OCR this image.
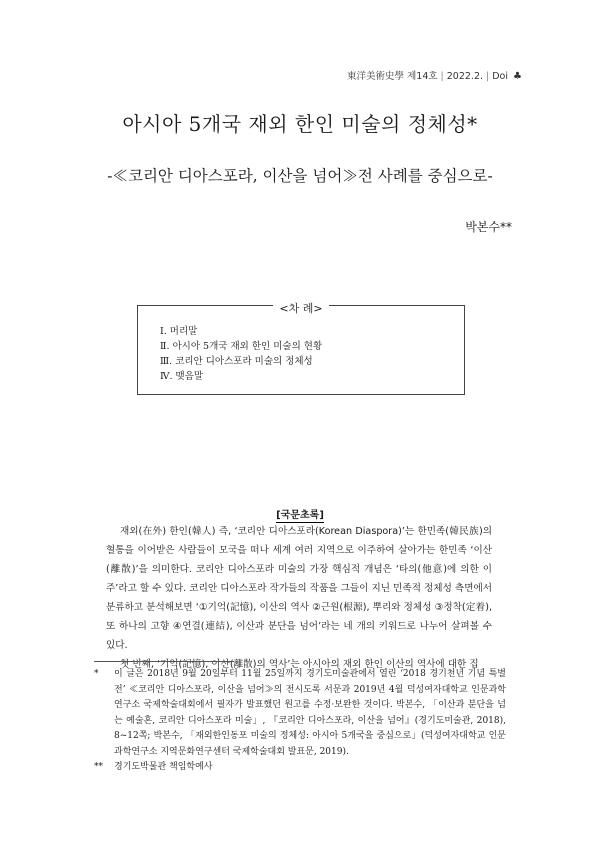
東洋美術史學 제14호 | 2022.2. | Doi ♣
아시아 5개국 재외 한인 미술의 정체성*
-≪코리안 디아스포라, 이산을 넘어≫전 사례를 중심으로-
박본수**
<차 례>
Ⅰ. 머리말
Ⅱ. 아시아 5개국 재외 한인 미술의 현황
Ⅲ. 코리안 디아스포라 미술의 정체성
Ⅳ. 맺음말
[국문초록]

재외(在外) 한인(韓人) 즉, ‘코리안 디아스포라(Korean Diaspora)’는 한민족(韓民族)의 혈통을 이어받은 사람들이 모국을 떠나 세계 여러 지역으로 이주하여 살아가는 한민족 ‘이산(離散)’을 의미한다. 코리안 디아스포라 미술의 가장 핵심적 개념은 ‘타의(他意)에 의한 이주’라고 할 수 있다. 코리안 디아스포라 작가들의 작품을 그들이 지닌 민족적 정체성 측면에서 분류하고 분석해보면 ‘①기억(記憶), 이산의 역사 ②근원(根源), 뿌리와 정체성 ③정착(定着), 또 하나의 고향 ④연결(連結), 이산과 분단을 넘어’라는 네 개의 키워드로 나누어 살펴볼 수 있다.

첫 번째, ‘기억(記憶), 이산(離散)의 역사’는 아시아의 재외 한인 이산의 역사에 대한 집

*	이 글은 2018년 9월 20일부터 11월 25일까지 경기도미술관에서 열린 ‘2018 경기천년 기념 특별전’ ≪코리안 디아스포라, 이산을 넘어≫의 전시도록 서문과 2019년 4월 덕성여자대학교 인문과학연구소 국제학술대회에서 필자가 발표했던 원고를 수정·보완한 것이다. 박본수, 「이산과 분단을 넘는 예술혼, 코리안 디아스포라 미술」, 『코리안 디아스포라, 이산을 넘어』(경기도미술관, 2018), 8~12쪽; 박본수, 「재외한인동포 미술의 정체성: 아시아 5개국을 중심으로」(덕성여자대학교 인문과학연구소 지역문화연구센터 국제학술대회 발표문, 2019).
**	경기도박물관 책임학예사
